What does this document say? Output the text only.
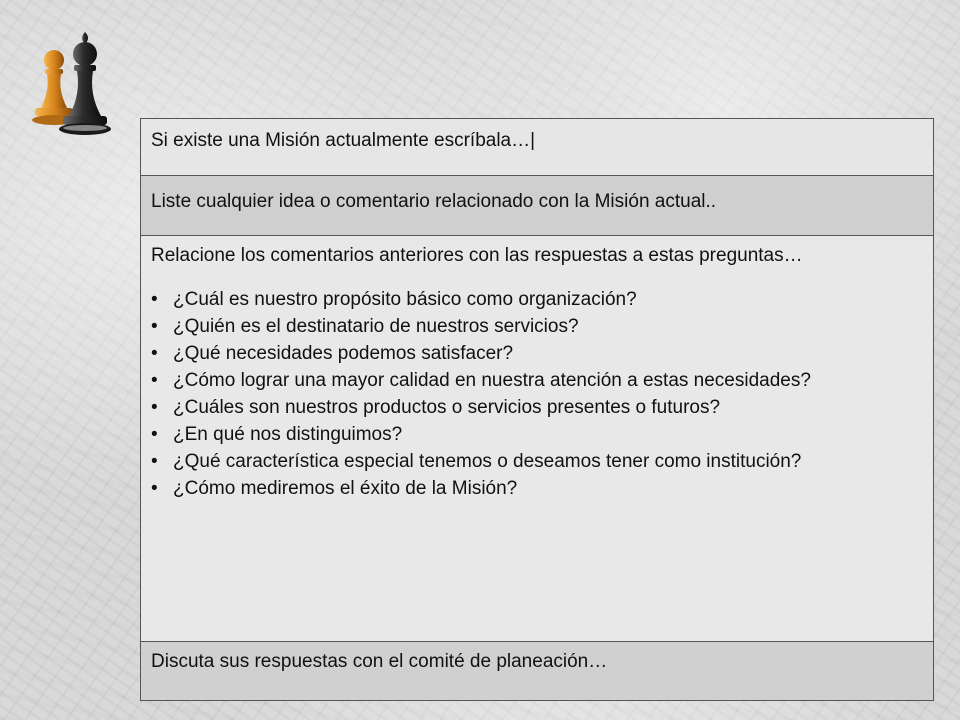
Si existe una Misión actualmente escríbala…|
Liste cualquier idea o comentario relacionado con la Misión actual..

Relacione los comentarios anteriores con las respuestas a estas preguntas…

• ¿Cuál es nuestro propósito básico como organización?
• ¿Quién es el destinatario de nuestros servicios?
• ¿Qué necesidades podemos satisfacer?
• ¿Cómo lograr una mayor calidad en nuestra atención a estas necesidades?
• ¿Cuáles son nuestros productos o servicios presentes o futuros?
• ¿En qué nos distinguimos?
• ¿Qué característica especial tenemos o deseamos tener como institución?
• ¿Cómo mediremos el éxito de la Misión?
Discuta sus respuestas con el comité de planeación…
